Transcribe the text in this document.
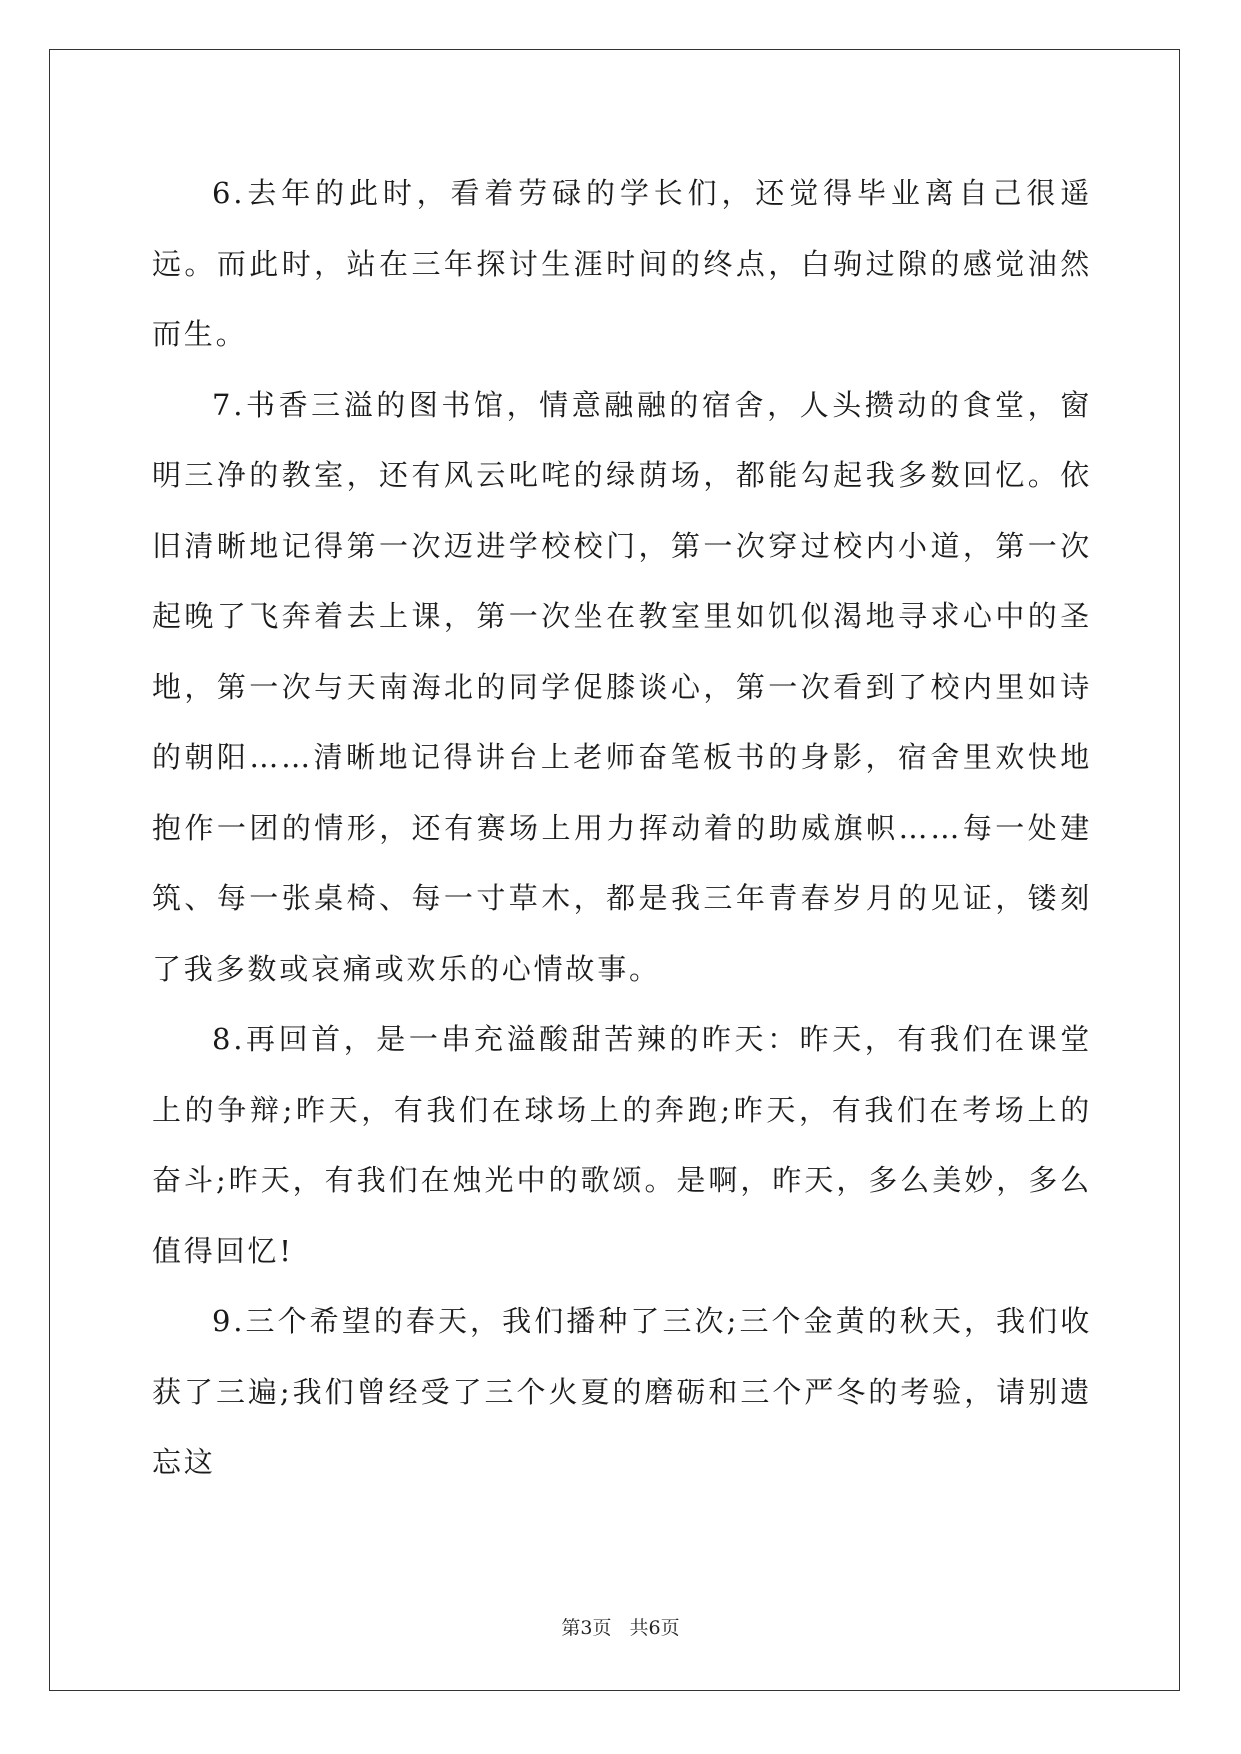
6.去年的此时，看着劳碌的学长们，还觉得毕业离自己很遥远。而此时，站在三年探讨生涯时间的终点，白驹过隙的感觉油然而生。

7.书香三溢的图书馆，情意融融的宿舍，人头攒动的食堂，窗明三净的教室，还有风云叱咤的绿荫场，都能勾起我多数回忆。依旧清晰地记得第一次迈进学校校门，第一次穿过校内小道，第一次起晚了飞奔着去上课，第一次坐在教室里如饥似渴地寻求心中的圣地，第一次与天南海北的同学促膝谈心，第一次看到了校内里如诗的朝阳……清晰地记得讲台上老师奋笔板书的身影，宿舍里欢快地抱作一团的情形，还有赛场上用力挥动着的助威旗帜……每一处建筑、每一张桌椅、每一寸草木，都是我三年青春岁月的见证，镂刻了我多数或哀痛或欢乐的心情故事。

8.再回首，是一串充溢酸甜苦辣的昨天：昨天，有我们在课堂上的争辩;昨天，有我们在球场上的奔跑;昨天，有我们在考场上的奋斗;昨天，有我们在烛光中的歌颂。是啊，昨天，多么美妙，多么值得回忆!

9.三个希望的春天，我们播种了三次;三个金黄的秋天，我们收获了三遍;我们曾经受了三个火夏的磨砺和三个严冬的考验，请别遗忘这

第3页 共6页
